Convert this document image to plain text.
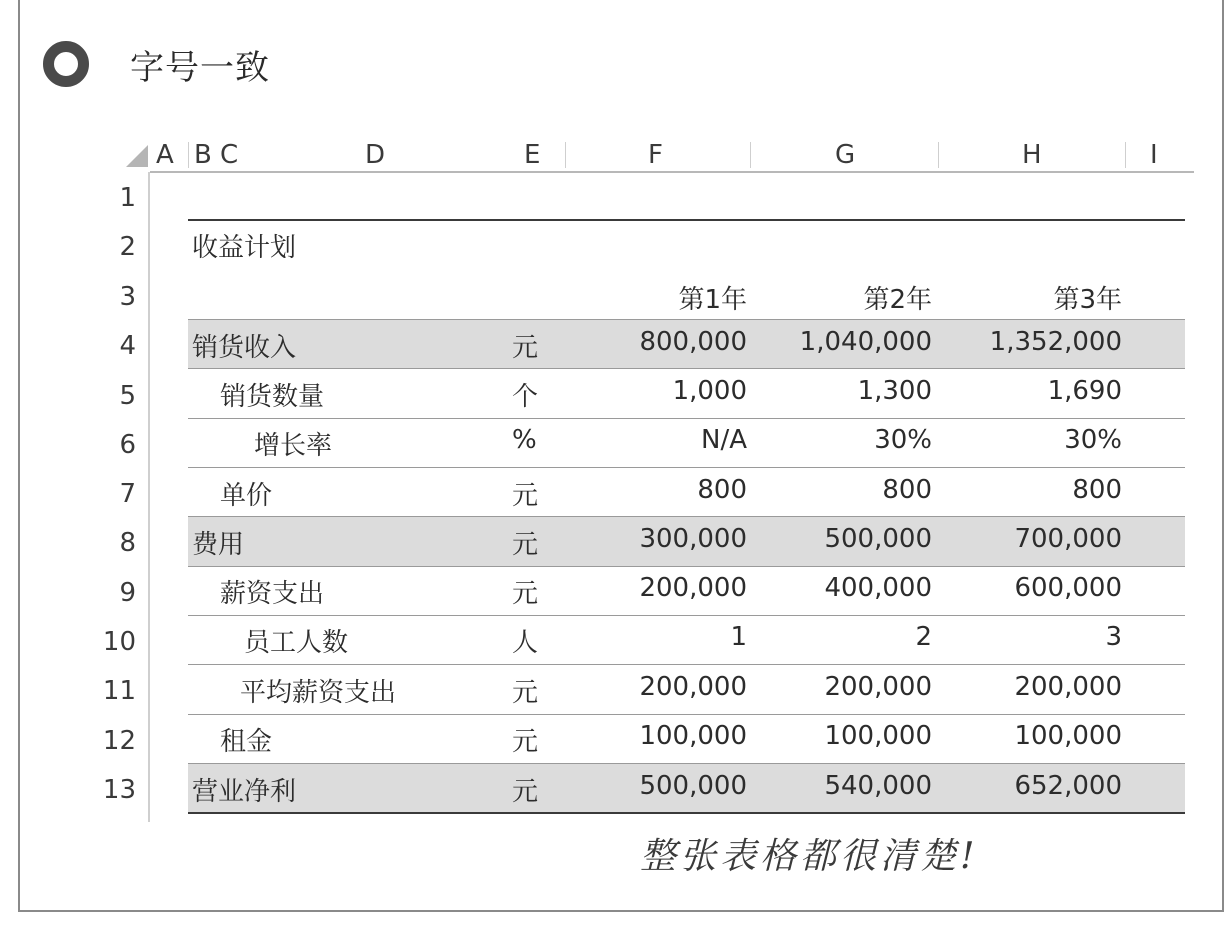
字号一致
A B C	D	E	F	G	H	I
1
2
3
4
5
6
7
8
9
10
11
12
13
收益计划
第1年	第2年	第3年
销货收入	元	800,000	1,040,000	1,352,000
销货数量	个	1,000	1,300	1,690
增长率	%	N/A	30%	30%
单价	元	800	800	800
费用	元	300,000	500,000	700,000
薪资支出	元	200,000	400,000	600,000
员工人数	人	1	2	3
平均薪资支出	元	200,000	200,000	200,000
租金	元	100,000	100,000	100,000
营业净利	元	500,000	540,000	652,000
整张表格都很清楚!
